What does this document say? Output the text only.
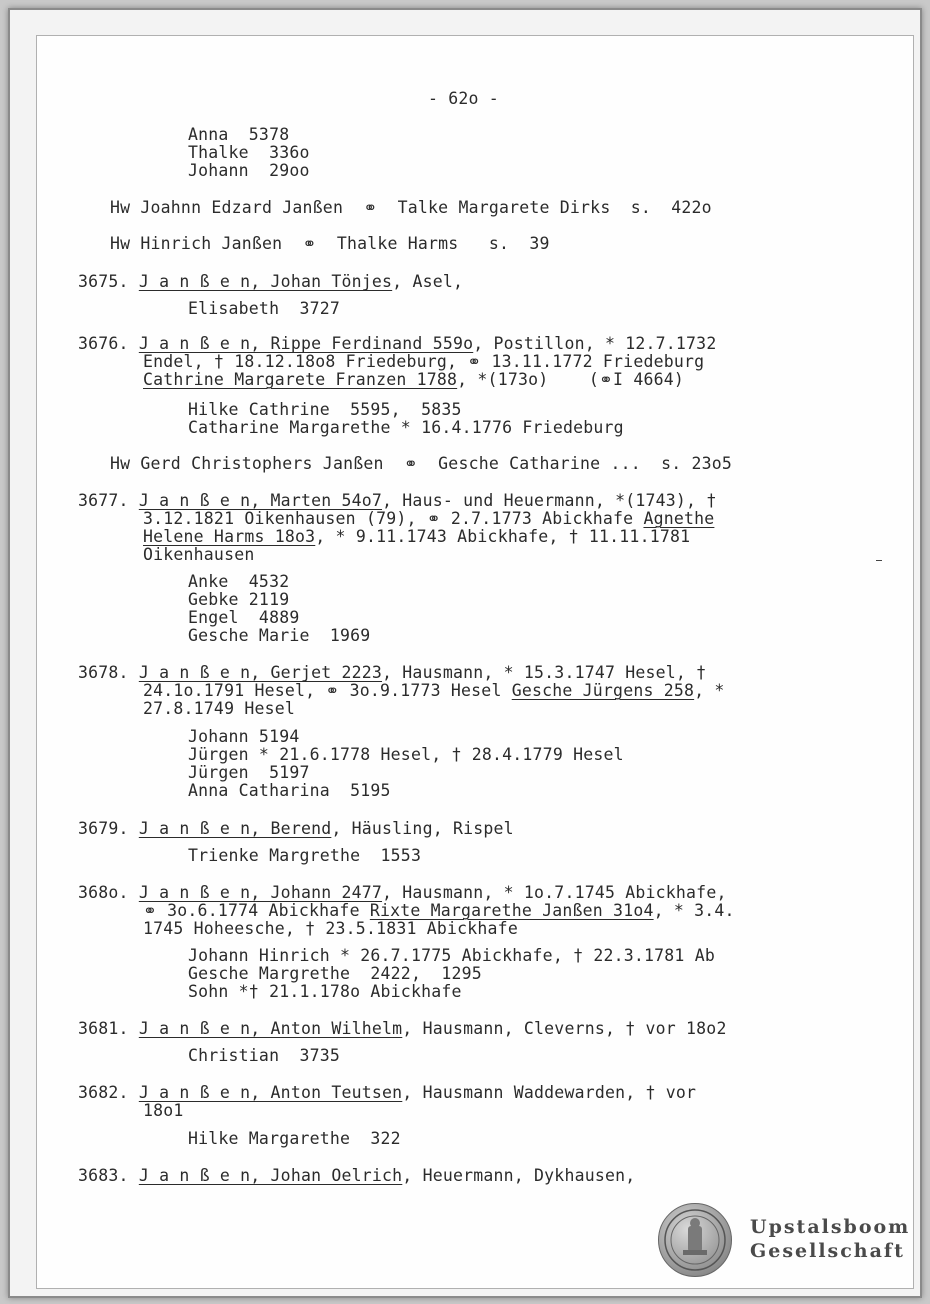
- 62o -
Anna  5378
Thalke  336o
Johann  29oo
Hw Joahnn Edzard Janßen  ⚭  Talke Margarete Dirks  s.  422o
Hw Hinrich Janßen  ⚭  Thalke Harms   s.  39
3675. J a n ß e n, Johan Tönjes, Asel,
Elisabeth  3727
3676. J a n ß e n, Rippe Ferdinand 559o, Postillon, * 12.7.1732
Endel, † 18.12.18o8 Friedeburg, ⚭ 13.11.1772 Friedeburg
Cathrine Margarete Franzen 1788, *(173o)    (⚭I 4664)
Hilke Cathrine  5595,  5835
Catharine Margarethe * 16.4.1776 Friedeburg
Hw Gerd Christophers Janßen  ⚭  Gesche Catharine ...  s. 23o5
3677. J a n ß e n, Marten 54o7, Haus- und Heuermann, *(1743), †
3.12.1821 Oikenhausen (79), ⚭ 2.7.1773 Abickhafe Agnethe
Helene Harms 18o3, * 9.11.1743 Abickhafe, † 11.11.1781
Oikenhausen
Anke  4532
Gebke 2119
Engel  4889
Gesche Marie  1969
3678. J a n ß e n, Gerjet 2223, Hausmann, * 15.3.1747 Hesel, †
24.1o.1791 Hesel, ⚭ 3o.9.1773 Hesel Gesche Jürgens 258, *
27.8.1749 Hesel
Johann 5194
Jürgen * 21.6.1778 Hesel, † 28.4.1779 Hesel
Jürgen  5197
Anna Catharina  5195
3679. J a n ß e n, Berend, Häusling, Rispel
Trienke Margrethe  1553
368o. J a n ß e n, Johann 2477, Hausmann, * 1o.7.1745 Abickhafe,
⚭ 3o.6.1774 Abickhafe Rixte Margarethe Janßen 31o4, * 3.4.
1745 Hoheesche, † 23.5.1831 Abickhafe
Johann Hinrich * 26.7.1775 Abickhafe, † 22.3.1781 Ab
Gesche Margrethe  2422,  1295
Sohn *† 21.1.178o Abickhafe
3681. J a n ß e n, Anton Wilhelm, Hausmann, Cleverns, † vor 18o2
Christian  3735
3682. J a n ß e n, Anton Teutsen, Hausmann Waddewarden, † vor
18o1
Hilke Margarethe  322
3683. J a n ß e n, Johan Oelrich, Heuermann, Dykhausen,
Upstalsboom
Gesellschaft
